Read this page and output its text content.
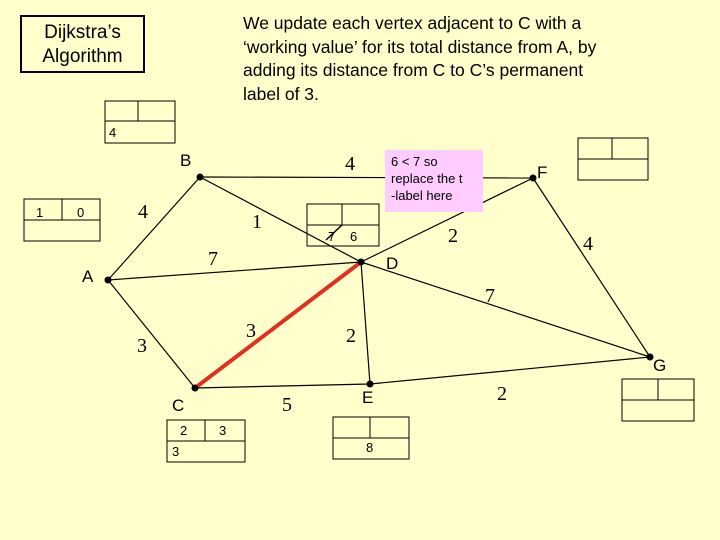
Dijkstra’s
Algorithm
We update each vertex adjacent to C with a
‘working value’ for its total distance from A, by
adding its distance from C to C’s permanent
label of 3.
A
B
C
D
E
F
G
4	1
4
7
3
3	2
2	4
7
5	2
4
1	0
7 6
2 3
3	8
6 < 7 so
replace the t
-label here
